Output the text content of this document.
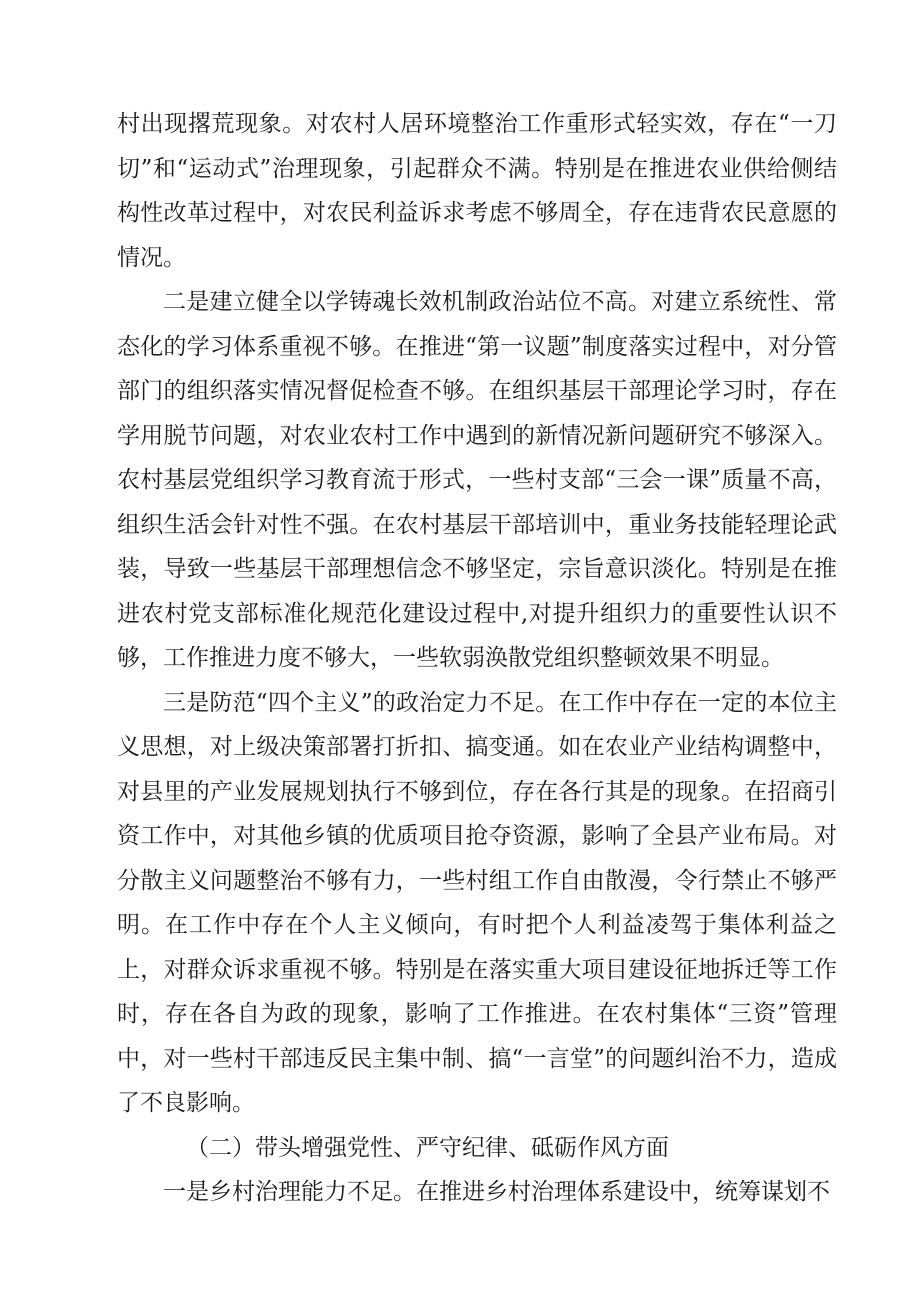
村出现撂荒现象。对农村人居环境整治工作重形式轻实效，存在“一刀切”和“运动式”治理现象，引起群众不满。特别是在推进农业供给侧结构性改革过程中，对农民利益诉求考虑不够周全，存在违背农民意愿的情况。

二是建立健全以学铸魂长效机制政治站位不高。对建立系统性、常态化的学习体系重视不够。在推进“第一议题”制度落实过程中，对分管部门的组织落实情况督促检查不够。在组织基层干部理论学习时，存在学用脱节问题，对农业农村工作中遇到的新情况新问题研究不够深入。农村基层党组织学习教育流于形式，一些村支部“三会一课”质量不高，组织生活会针对性不强。在农村基层干部培训中，重业务技能轻理论武装，导致一些基层干部理想信念不够坚定，宗旨意识淡化。特别是在推进农村党支部标准化规范化建设过程中,对提升组织力的重要性认识不够，工作推进力度不够大，一些软弱涣散党组织整顿效果不明显。

三是防范“四个主义”的政治定力不足。在工作中存在一定的本位主义思想，对上级决策部署打折扣、搞变通。如在农业产业结构调整中，对县里的产业发展规划执行不够到位，存在各行其是的现象。在招商引资工作中，对其他乡镇的优质项目抢夺资源，影响了全县产业布局。对分散主义问题整治不够有力，一些村组工作自由散漫，令行禁止不够严明。在工作中存在个人主义倾向，有时把个人利益凌驾于集体利益之上，对群众诉求重视不够。特别是在落实重大项目建设征地拆迁等工作时，存在各自为政的现象，影响了工作推进。在农村集体“三资”管理中，对一些村干部违反民主集中制、搞“一言堂”的问题纠治不力，造成了不良影响。

（二）带头增强党性、严守纪律、砥砺作风方面

一是乡村治理能力不足。在推进乡村治理体系建设中，统筹谋划不
